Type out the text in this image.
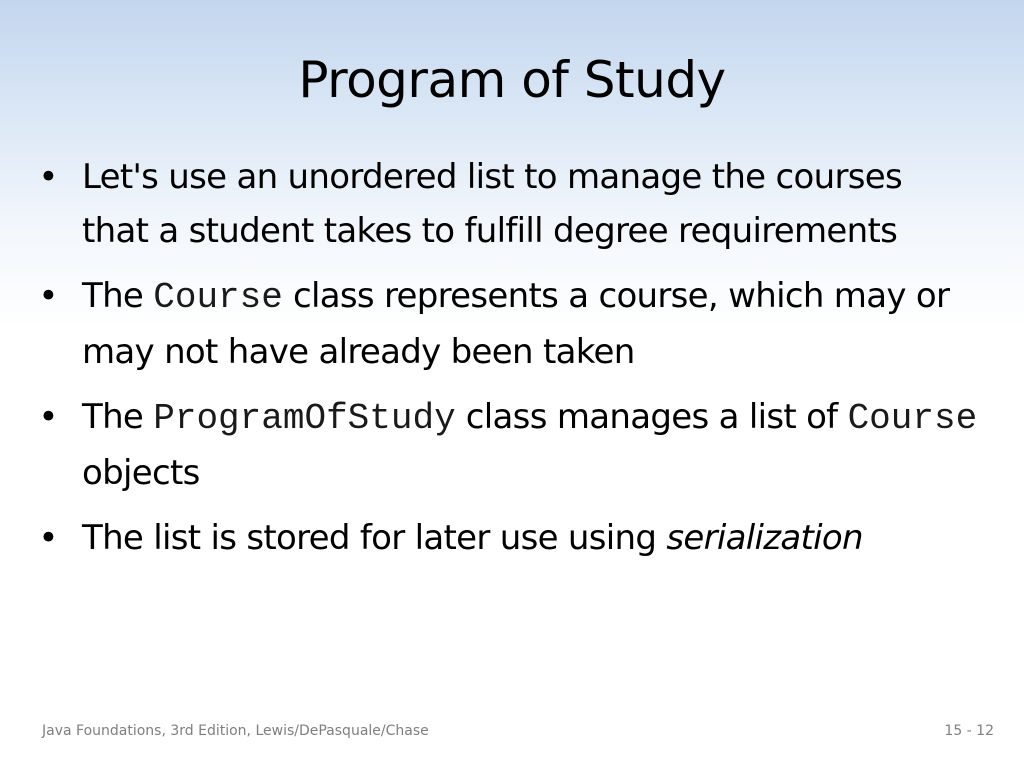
Program of Study
• Let's use an unordered list to manage the courses that a student takes to fulfill degree requirements
• The Course class represents a course, which may or may not have already been taken
• The ProgramOfStudy class manages a list of Course objects
• The list is stored for later use using serialization
Java Foundations, 3rd Edition, Lewis/DePasquale/Chase	15 - 12
